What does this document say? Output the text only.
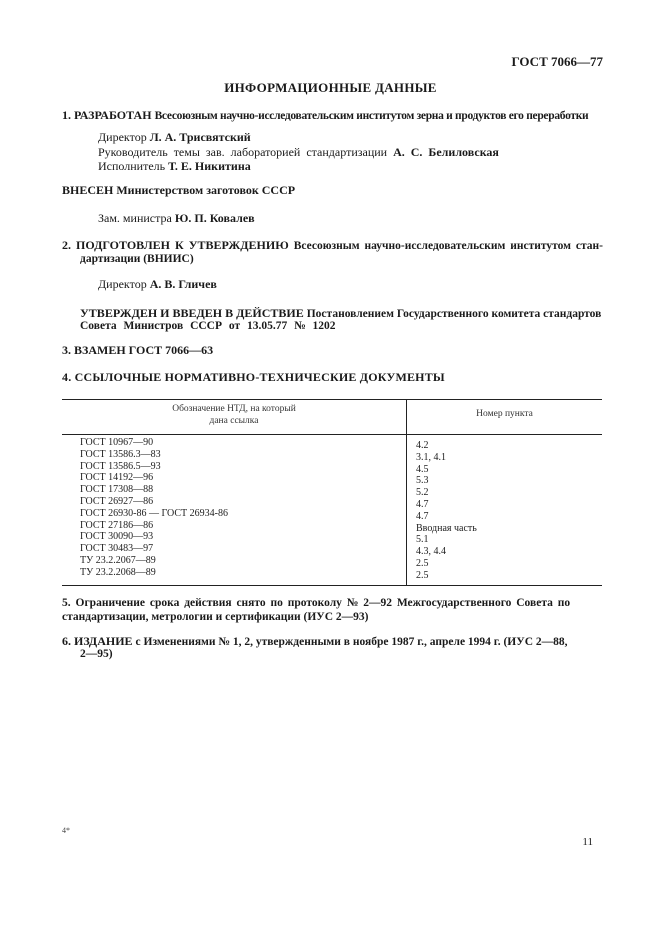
ГОСТ 7066—77
ИНФОРМАЦИОННЫЕ ДАННЫЕ
1. РАЗРАБОТАН Всесоюзным научно-исследовательским институтом зерна и продуктов его переработки
Директор Л. А. Трисвятский
Руководитель темы зав. лабораторией стандартизации А. С. Белиловская
Исполнитель Т. Е. Никитина
ВНЕСЕН Министерством заготовок СССР
Зам. министра Ю. П. Ковалев
2. ПОДГОТОВЛЕН К УТВЕРЖДЕНИЮ Всесоюзным научно-исследовательским институтом стан-
дартизации (ВНИИС)
Директор А. В. Гличев
УТВЕРЖДЕН И ВВЕДЕН В ДЕЙСТВИЕ Постановлением Государственного комитета стандартов
Совета Министров СССР от 13.05.77 № 1202
3. ВЗАМЕН ГОСТ 7066—63
4. ССЫЛОЧНЫЕ НОРМАТИВНО-ТЕХНИЧЕСКИЕ ДОКУМЕНТЫ
Обозначение НТД, на который
дана ссылка
Номер пункта
ГОСТ 10967—90
ГОСТ 13586.3—83
ГОСТ 13586.5—93
ГОСТ 14192—96
ГОСТ 17308—88
ГОСТ 26927—86
ГОСТ 26930-86 — ГОСТ 26934-86
ГОСТ 27186—86
ГОСТ 30090—93
ГОСТ 30483—97
ТУ 23.2.2067—89
ТУ 23.2.2068—89
4.2
3.1, 4.1
4.5
5.3
5.2
4.7
4.7
Вводная часть
5.1
4.3, 4.4
2.5
2.5
5. Ограничение срока действия снято по протоколу № 2—92 Межгосударственного Совета по
стандартизации, метрологии и сертификации (ИУС 2—93)
6. ИЗДАНИЕ с Изменениями № 1, 2, утвержденными в ноябре 1987 г., апреле 1994 г. (ИУС 2—88,
2—95)
4*
11
